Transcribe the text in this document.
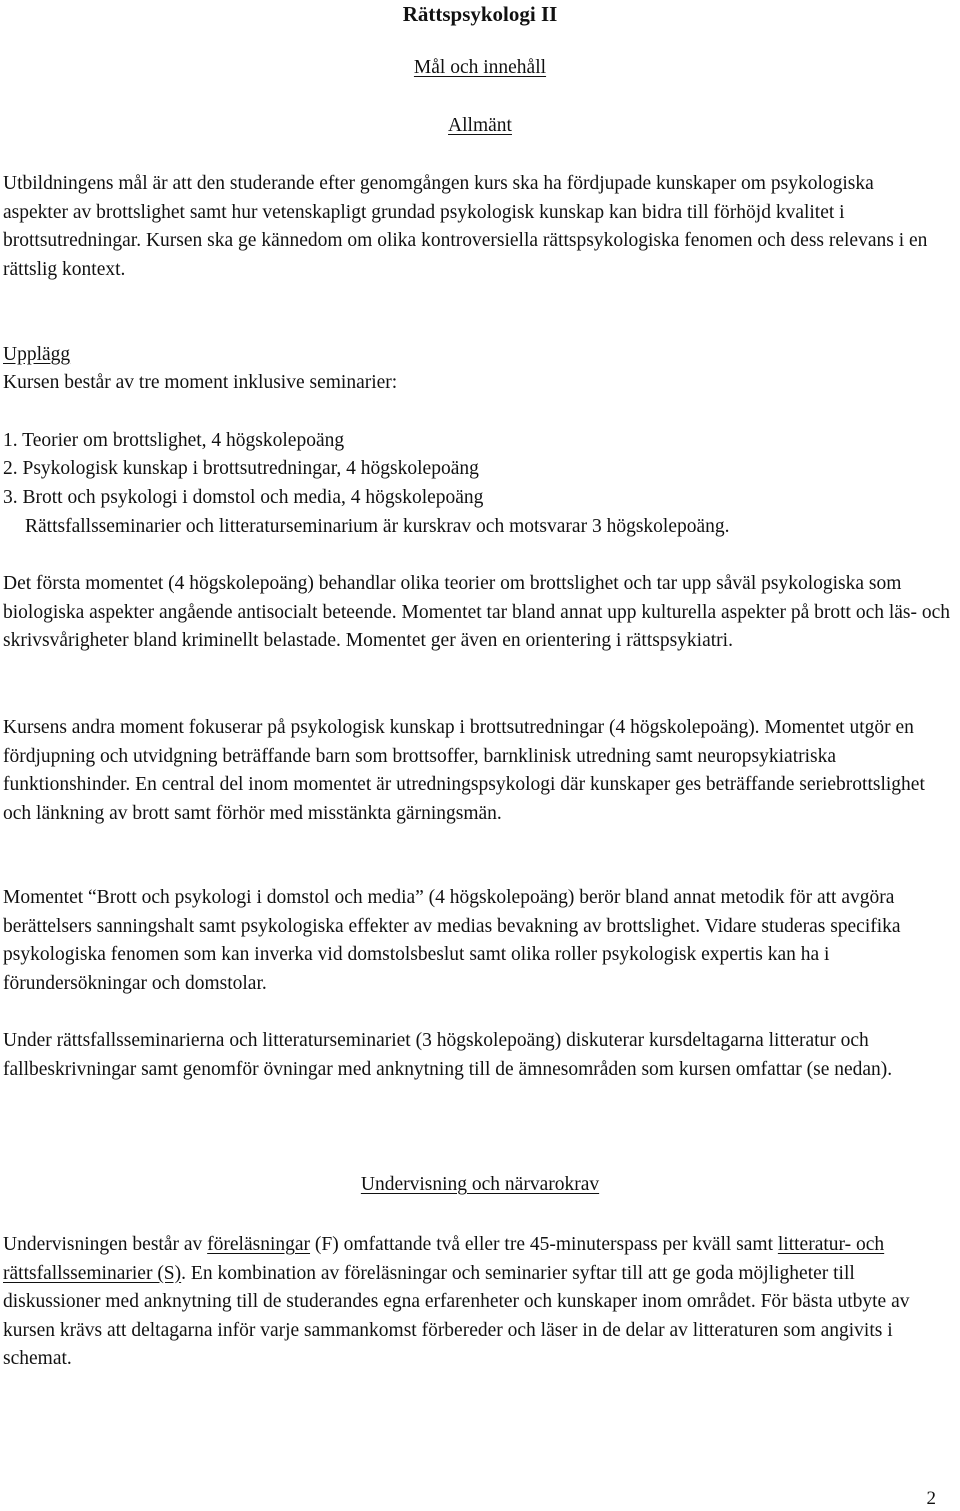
Rättspsykologi II
Mål och innehåll
Allmänt

Utbildningens mål är att den studerande efter genomgången kurs ska ha fördjupade kunskaper om psykologiska aspekter av brottslighet samt hur vetenskapligt grundad psykologisk kunskap kan bidra till förhöjd kvalitet i brottsutredningar. Kursen ska ge kännedom om olika kontroversiella rättspsykologiska fenomen och dess relevans i en rättslig kontext.

Upplägg
Kursen består av tre moment inklusive seminarier:
1. Teorier om brottslighet, 4 högskolepoäng
2. Psykologisk kunskap i brottsutredningar, 4 högskolepoäng
3. Brott och psykologi i domstol och media, 4 högskolepoäng
Rättsfallsseminarier och litteraturseminarium är kurskrav och motsvarar 3 högskolepoäng.

Det första momentet (4 högskolepoäng) behandlar olika teorier om brottslighet och tar upp såväl psykologiska som biologiska aspekter angående antisocialt beteende. Momentet tar bland annat upp kulturella aspekter på brott och läs- och skrivsvårigheter bland kriminellt belastade. Momentet ger även en orientering i rättspsykiatri.

Kursens andra moment fokuserar på psykologisk kunskap i brottsutredningar (4 högskolepoäng). Momentet utgör en fördjupning och utvidgning beträffande barn som brottsoffer, barnklinisk utredning samt neuropsykiatriska funktionshinder. En central del inom momentet är utredningspsykologi där kunskaper ges beträffande seriebrottslighet och länkning av brott samt förhör med misstänkta gärningsmän.

Momentet “Brott och psykologi i domstol och media” (4 högskolepoäng) berör bland annat metodik för att avgöra berättelsers sanningshalt samt psykologiska effekter av medias bevakning av brottslighet. Vidare studeras specifika psykologiska fenomen som kan inverka vid domstolsbeslut samt olika roller psykologisk expertis kan ha i förundersökningar och domstolar.

Under rättsfallsseminarierna och litteraturseminariet (3 högskolepoäng) diskuterar kursdeltagarna litteratur och fallbeskrivningar samt genomför övningar med anknytning till de ämnesområden som kursen omfattar (se nedan).

Undervisning och närvarokrav

Undervisningen består av föreläsningar (F) omfattande två eller tre 45-minuterspass per kväll samt litteratur- och rättsfallsseminarier (S). En kombination av föreläsningar och seminarier syftar till att ge goda möjligheter till diskussioner med anknytning till de studerandes egna erfarenheter och kunskaper inom området. För bästa utbyte av kursen krävs att deltagarna inför varje sammankomst förbereder och läser in de delar av litteraturen som angivits i schemat.

2
